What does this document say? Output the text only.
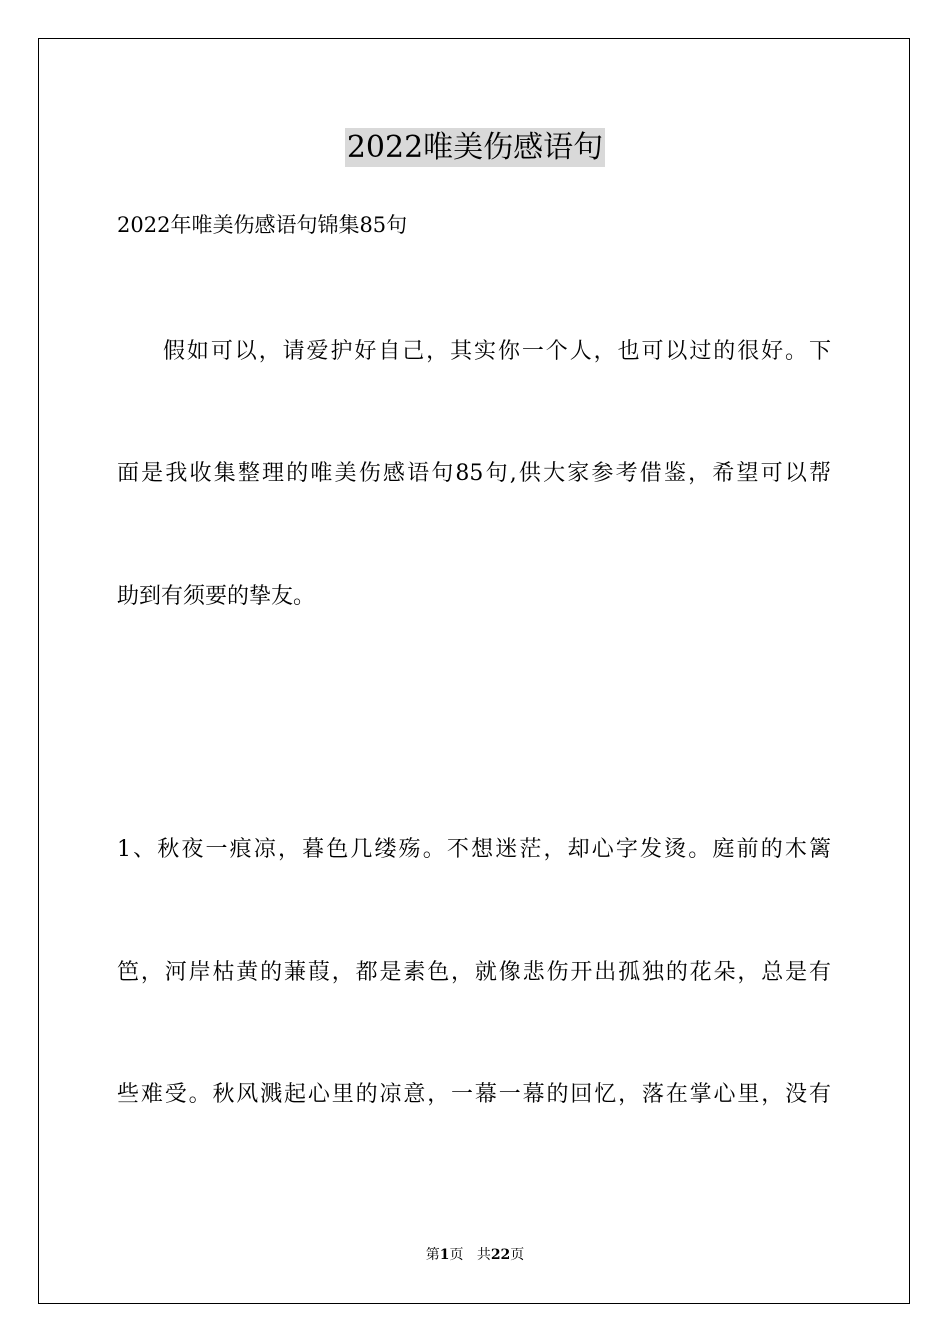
2022唯美伤感语句
2022年唯美伤感语句锦集85句
假如可以，请爱护好自己，其实你一个人，也可以过的很好。下
面是我收集整理的唯美伤感语句85句,供大家参考借鉴，希望可以帮
助到有须要的挚友。
1、秋夜一痕凉，暮色几缕殇。不想迷茫，却心字发烫。庭前的木篱
笆，河岸枯黄的蒹葭，都是素色，就像悲伤开出孤独的花朵，总是有
些难受。秋风溅起心里的凉意，一幕一幕的回忆，落在掌心里，没有
第1页 共22页
